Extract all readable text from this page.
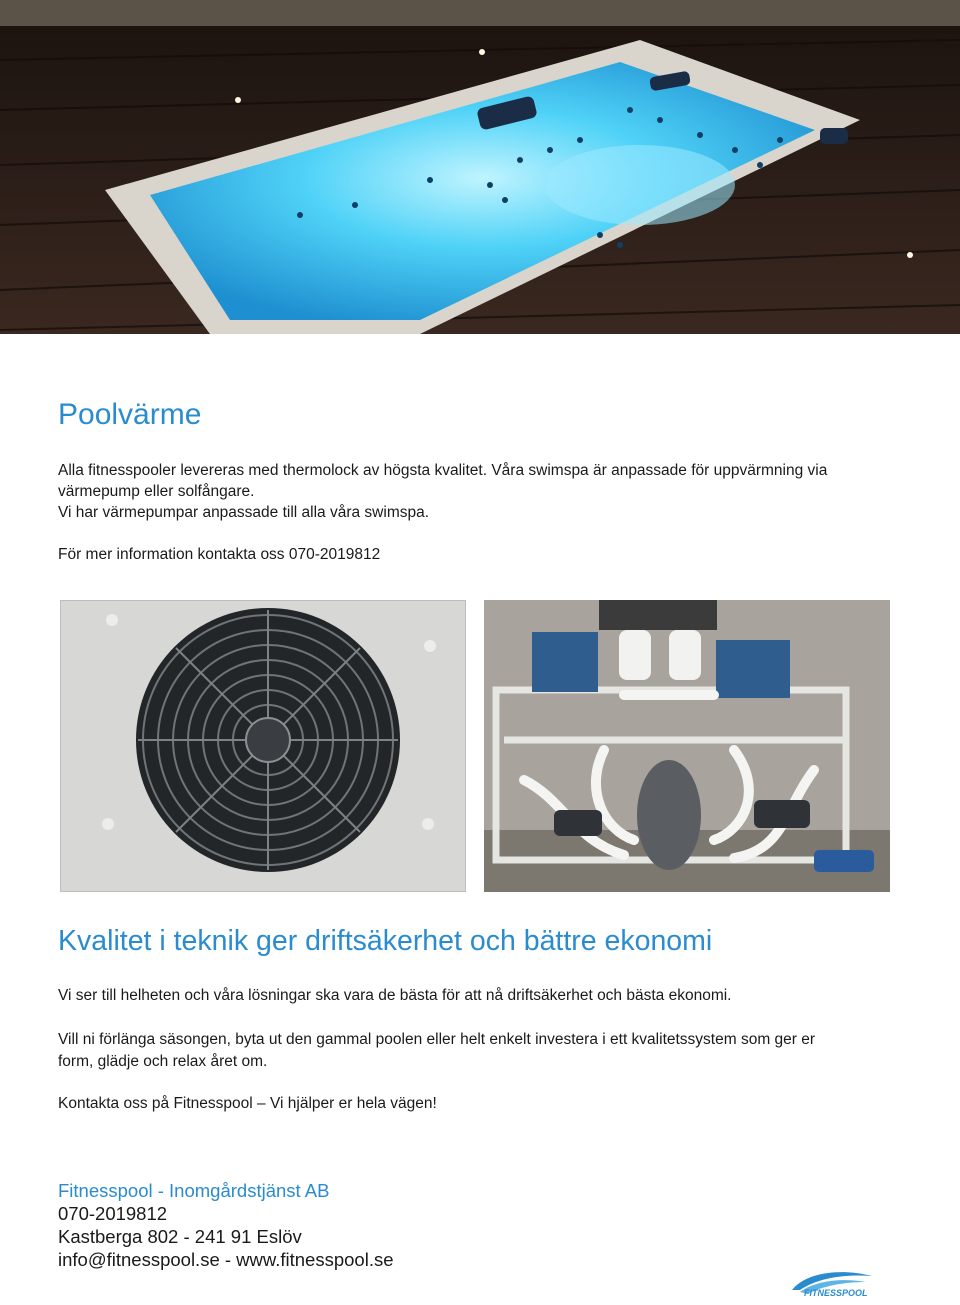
Poolvärme

Alla fitnesspooler levereras med thermolock av högsta kvalitet. Våra swimspa är anpassade för uppvärmning via

värmepump eller solfångare.

Vi har värmepumpar anpassade till alla våra swimspa.

För mer information kontakta oss 070-2019812

Kvalitet i teknik ger driftsäkerhet och bättre ekonomi

Vi ser till helheten och våra lösningar ska vara de bästa för att nå driftsäkerhet och bästa ekonomi.

Vill ni förlänga säsongen, byta ut den gammal poolen eller helt enkelt investera i ett kvalitetssystem som ger er

form, glädje och relax året om.

Kontakta oss på Fitnesspool – Vi hjälper er hela vägen!

Fitnesspool - Inomgårdstjänst AB

070-2019812

Kastberga 802 - 241 91 Eslöv

info@fitnesspool.se - www.fitnesspool.se

FITNESSPOOL
